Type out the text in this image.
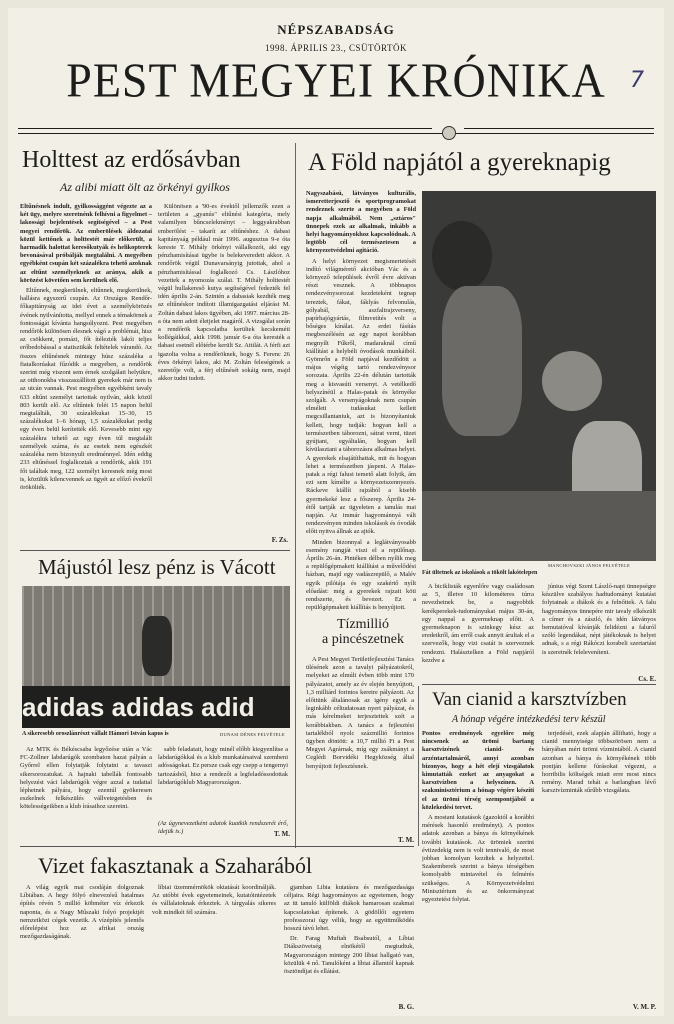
NÉPSZABADSÁG
1998. ÁPRILIS 23., CSÜTÖRTÖK
PEST MEGYEI KRÓNIKA	7
Holttest az erdősávban
Az alibi miatt ölt az örkényi gyilkos

Eltűnésnek indult, gyilkossággént végezte az a két ügy, melyre szeretnénk felhívni a figyelmet – lakossági bejelentések segítségével – a Pest megyei rendőrök. Az emberölések áldozatai közül kettőnek a holttestét már előkerült, a harmadik halottat keresőkutyák és helikopterek bevonásával próbálják megtalálni. A megyében egyébként csupán két százalékra tehető azoknak az eltűnt személyeknek az aránya, akik a körözést követően sem kerülnek elő.

Eltűnnek, megkerülnek, eltűnnek, megkerülnek, hallásra egyszerű csupán. Az Országos Rendőr-főkapitányság az idei évet a személykörözés évének nyilvánította, mellyel ennek a témakörnek a fontosságát kívánta hangsúlyozni. Pest megyében rendőrök különösen élesnek vágó a problémát, hisz az csökkent, pomázi, főt ítélezték lakói teljes erőbedobással a statisztikák feltételek várandó. Az összes eltűnésnek mintegy húsz százaléka a fiatalkorúakat fűzódik a megyében, a rendőrök szerint még viszont sem érnek szolgálati helyükre, az otthonokba visszaszállított gyerekek már nem is az utcán vannak. Pest megyében egyébként tavaly 633 eltűnt személyt tartottak nyilván, akik közül 803 került elő. Az eltűntek felét 15 napon belül megtalálták, 30 százalékukat 15–30, 15 százalékukat 1–6 hónap, 1,5 százalékukat pedig egy éven belül kerítették elő. Kevesebb mint egy százalékra tehető az egy éven túl megtalált személyek száma, és az esetek nem egészkét százaléka nem bizonyult eredménnyel. Idén eddig 233 eltűnéssel foglalkoztak a rendőrök, akik 191 főt találtak meg, 122 személyt keresnek még most is, közülük kilencvennek az ügyét az előző évekről örökölték.

Különösen a '90-es évektől jellemzők ezen a területen a „gyanús" eltűnési kategória, mely valamilyen bűncselekményt – leggyakrabban emberölést – takarít az eltűnéshez. A dabasi kapitányság például már 1996. augusztus 9-e óta kereste T. Mihály örkényi vállalkozót, aki egy pénzhamisításai ügybe is belekeveredett akkor. A rendőrök végül Dunavarsányig jutottak, ahol a pénzhamisítással foglalkozó Cs. Lászlóhoz vezettek a nyomozás szálai. T. Mihály holttestét végül hullakereső kutya segítségével fedezték fel idén április 2-án. Szintén a dabasiak kezdték meg az eltűnéskor indított illamigazgatási eljárást M. Zoltán dabasi lakos ügyében, aki 1997. március 28-a óta nem adott életjelet magáról. A vizsgálat során a rendőrök kapcsolatba kerültek kecskeméti kollégáikkal, akik 1998. január 6-a óta keresték a dabasi esetnél előtérbe került Sz. Attilát. A férfi azt igazolta volna a rendőröknek, hogy S. Ferenc 26 éves örkényi lakos, aki M. Zoltán feleségének a szeretője volt, a férj eltűnését sokáig nem, majd akkor tudni tudott.

F. Zs.
A Föld napjától a gyereknapig

Nagyszabású, látványos kulturális, ismeretterjesztő és sportprogramokat rendeznek szerte a megyében a Föld napja alkalmából. Nem „sztáros" ünnepek ezek az alkalmak, inkább a helyi hagyományokhoz kapcsolódnak. A legtöbb cél természetesen a környezetvédelmi agitáció.

A helyi környezet megismertetését indító világmérető akcióban Vác és a környező települések évről évre aktívan részt vesznek. A többnapos rendezvénysorozat kezdeteként tegnap tereztek, fákat, fáklyás felvonulás, gólyabál, aszfaltrajzverseny, papírhajógyártás, filmvetítés volt a bőséges kínálat. Az erdei fásítás megbeszélésén az egy napot korábban megnyílt Fűkről, madaraknál című kiállítást a helybéli óvodások munkáiból. Gyömrőn a Föld napjával kezdődött a május végéig tartó rendezvénysor sorozata. Április 22-én délután tartották meg a kisvasúti versenyt. A vetélkedő helyszínéül a Halas-patak és környéke szolgált. A versenyágoknak nem csupán elméleti tudásukat kellett megcsillantaniuk, azt is bizonyítaniuk kellett, hogy tudják: hogyan kell a természetben táborozni, sátrat verni, tüzet gyújtani, egyáltalán, hogyan kell kívülasztani a táborozásra alkalmas helyet. A gyerekek elsajátíthattak, mit és hogyan lehet a természetben jáspeni. A Halas-patak a régi falusi temető alatt folyik, ám ezt sem kímélte a környezetszennyezés. Ráckeve kiállít rajzából a kisebb gyermekeké lesz a főszerep. Április 24-étől tartják az ügyeleten a tanulás mai napján. Az immár hagyománnyá vált rendezvényen minden iskolások és óvodák előtt nyitva állnak az ajtók.

Minden bizonnyal a leglátványosabb esemény rangját viszi el a repülőnap. Április 26-án. Pintéken délben nyílik meg a repülőgépmakett kiállítást a művelődési házban, majd egy vadászrepülő, a Malév egyik pilótája és egy szakértő nyílt előadást: még a gyerekek rajzait köti rendszerte, és bevezet. Ez a repülőgépmakett kiállítás is benyújtott.

MANCHOVSZKI JÁNOS FELVÉTELE
Fát ültetnek az iskolások a tökölt lakótelepen

A biciklisták egyenlőre vagy családosan az 5, illetve 10 kilométeres túrra nevezhetnek be, a nagyobbik kerékperekek-tudományukat május 30-án, egy nappal a gyermeknap előtt. A gyermeknapon is szinkegy kész az eredetkről, ám erről csak annyit árultak el a szervezők, hogy vizi csatát is szerveznek rendezni. Halásztelken a Föld napjáról kezdve a

június végi Szent László-napi ünnepségre készülve szabályos hadtudományi kutatást folytatnak a diákok és a felnőttek. A falu hagyományos ünnepére mir tavaly elkészült a címer és a zászló, és idén látványos bemutatóval kívánják felidézni a faluról szóló legendákat, népi játékoknak is helyet adnak, s a régi Rákóczi korabeli szertartást is szeretnék feleleveníteni.

Cs. E.
Májustól lesz pénz is Vácott
adidas adidas adid
A sikeresebb oroszlánrészt vállalt Hámori István kapus is	DUNASI DÉNES FELVÉTELE

Az MTK és Békéscsaba legyőzése után a Vác FC-Zollner labdarúgók szombaton hazai pályán a Győrrel ellen folytatják folytatni a tavaszi sikersorozatukat. A hajnaki tabellák fontosabb helyezést váci labdarúgók végre azzal a tudattal léphetnek pályára, hogy ezentúl gyökeresen eszkelnek felkészülés vállvetegetésben és kötelességeikben a klub írásaihoz szeretni.

sabb feladatait, hogy minél előbb kiegyenlítse a labdarúgókkal és a klub munkatársaival szembeni adósságokat. Ez persze csak egy csepp a tengernyi tartozásból, hisz a rendezői a legfeladóssodottak labdarúgóklub Magyarországon.

(Az úgynevezetként adatok kuatkik rendszerét érő, idejük is.)	T. M.
Tízmillió
a pincészetnek

A Pest Megyei Területfejlesztési Tanács ülésének azon a tavalyi pályázatokról, melyeket az elmúlt évben több mint 170 pályázatot, amely az év elején benyújtott, 1,3 milliárd forintos keretre pályázott. Az előttünk általánosak az igény egyik a leginkább céltudatosan nyert pályázat, és más kérelmeket terjesztettek szét a korábbiakban. A tanács a fejlesztési tartalékból nyolc százmillió forintos ügyben döntött: a 10,7 millió Ft a Pest Megyei Agrárnak, míg egy zsákmányt a Ceglédi Borvidéki Hegyközség által benyújtott fejlesztésnek.

T. M.
Van cianid a karsztvízben
A hónap végére intézkedési terv készül

Pontos eredmények egyelőre még nincsenek az ürömi bartang karsztvizének cianid- és arzéntartalmáról, annyi azonban bizonyos, hogy a hét elejí vizsgálatok kimutatták ezeket az anyagokat a karsztvízben a helyszínen. A szakminisztérium a hónap végére készíti el az ürömi térség szempontjából a közlekedési tervet.

A mostani kutatások (gazoktól a korábbi mérések hasonló eredményt). A pontos adatok azonban a bánya és környékének további kutatások. Az ürömiek szerint évtizedekig nem is volt tennivaló, de most jobban komolyan kezdtek a helyzettel. Szakemberek szerint a bánya térségében komolyabb mintavétel és felmérés szükséges. A Környezetvédelmi Minisztérium és az önkormányzat egyeztetést folytat.

terjedését, ezek alapján állítható, hogy a cianid mennyisége többszörösen nem a bányában mért ürömi vízmintából. A cianid azonban a bánya és környékének több pontján kellene fúrásokat végezni, a horribilis költségek miatt erre most nincs remény. Marad tehát a barlangban lévő karsztvízminták sűrűbb vizsgálata.

V. M. P.
Vizet fakasztanak a Szaharából

A világ egyik mai csodáján dolgoznak Líbiában. A hegy fölyó elnevezésű hatalmas építés révén 5 millió köbméter víz érkezik naponta, és a Nagy Műszaki folyó projektjét nemzetközi cégek vezetik. A vízépítés jelentős előrelépést hoz az afrikai ország mezőgazdaságának.

líbiai üzemmérnökök oktatását koordinálják. Az utóbbi évek egyetemeinek, kutatóintézetek és vállalatoknak érkeztek. A tárgyalás sikeres volt mindkét fél számára.

gjamban Libia kutatásra és mezőgazdasága céljaira. Régi hagyományos az egyetemen, hogy az itt tanuló külföldi diákok hamarosan szakmai kapcsolatokat építenek. A gödöllői egyetem professzorai úgy vélik, hogy az együttműködés hosszú távú lehet.

Dr. Farag Muftah Bsabsutól, a Líbiai Diákszövetség elnökétől megtudtuk, Magyarországon mintegy 200 líbiai hallgató van, közülük 4 nő. Tanulóként a líbiai államtól kapnak ösztöndíjat és ellátást.

B. G.
